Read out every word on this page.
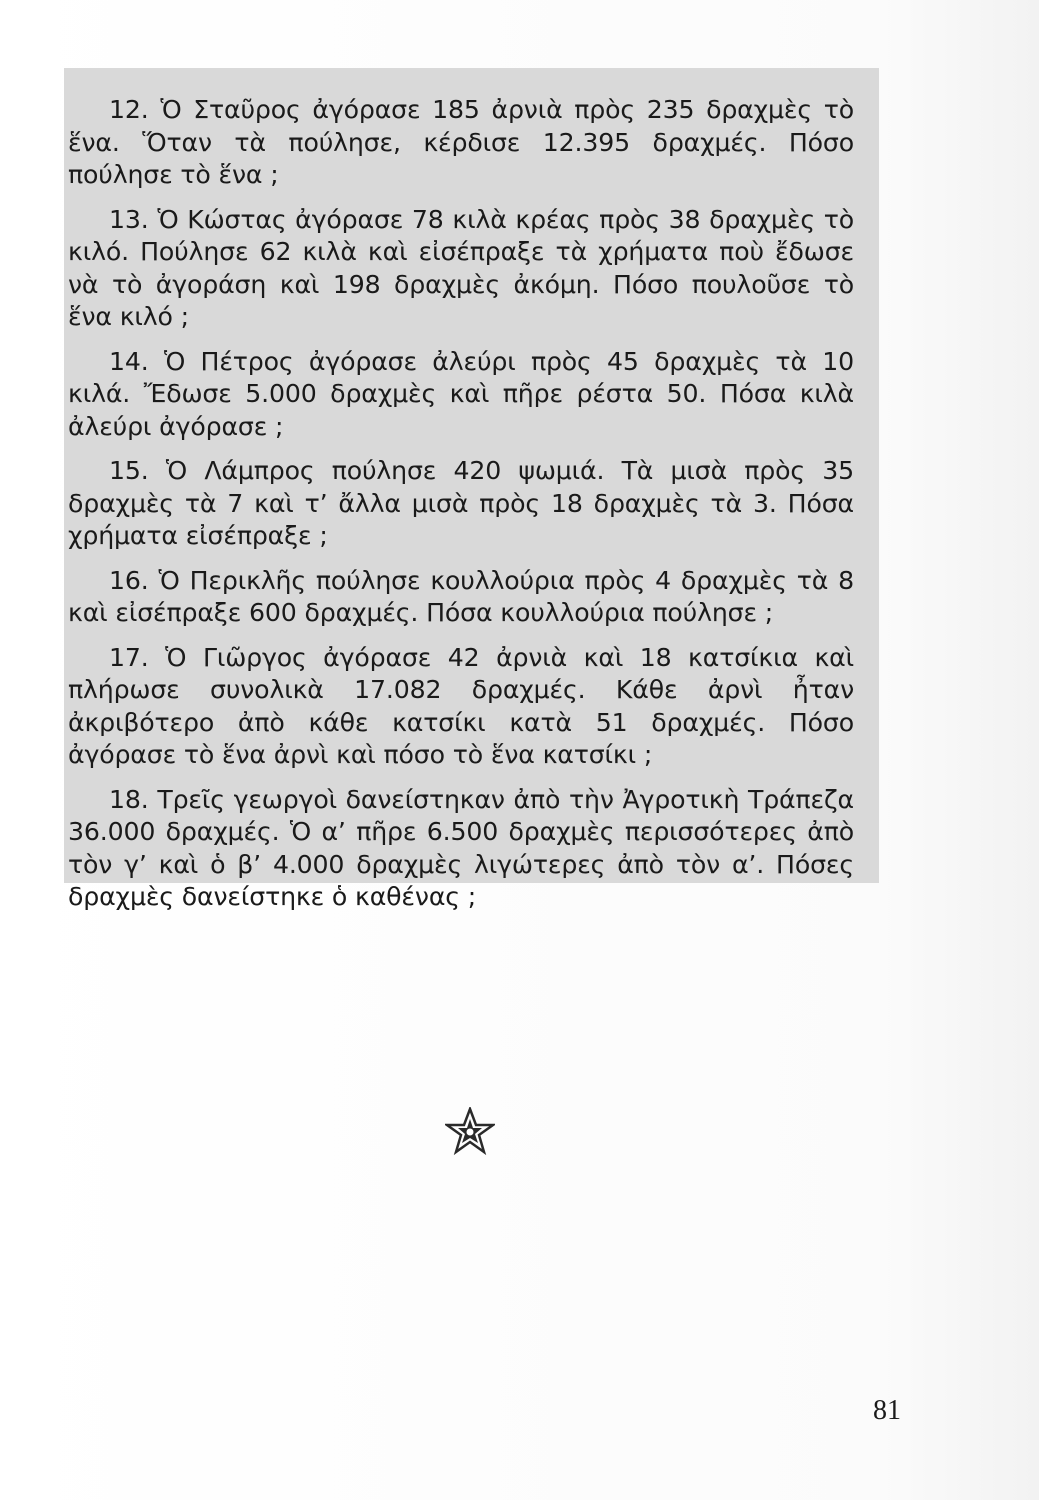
12. Ὁ Σταῦρος ἀγόρασε 185 ἀρνιὰ πρὸς 235 δραχμὲς τὸ ἕνα. Ὅταν τὰ πούλησε, κέρδισε 12.395 δραχμές. Πόσο πούλησε τὸ ἕνα ;

13. Ὁ Κώστας ἀγόρασε 78 κιλὰ κρέας πρὸς 38 δραχμὲς τὸ κιλό. Πούλησε 62 κιλὰ καὶ εἰσέπραξε τὰ χρήματα ποὺ ἔδωσε νὰ τὸ ἀγοράση καὶ 198 δραχμὲς ἀκόμη. Πόσο πουλοῦσε τὸ ἕνα κιλό ;

14. Ὁ Πέτρος ἀγόρασε ἀλεύρι πρὸς 45 δραχμὲς τὰ 10 κιλά. Ἔδωσε 5.000 δραχμὲς καὶ πῆρε ρέστα 50. Πόσα κιλὰ ἀλεύρι ἀγόρασε ;

15. Ὁ Λάμπρος πούλησε 420 ψωμιά. Τὰ μισὰ πρὸς 35 δραχμὲς τὰ 7 καὶ τ’ ἄλλα μισὰ πρὸς 18 δραχμὲς τὰ 3. Πόσα χρήματα εἰσέπραξε ;

16. Ὁ Περικλῆς πούλησε κουλλούρια πρὸς 4 δραχμὲς τὰ 8 καὶ εἰσέπραξε 600 δραχμές. Πόσα κουλλούρια πούλησε ;

17. Ὁ Γιῶργος ἀγόρασε 42 ἀρνιὰ καὶ 18 κατσίκια καὶ πλήρωσε συνολικὰ 17.082 δραχμές. Κάθε ἀρνὶ ἦταν ἀκριβότερο ἀπὸ κάθε κατσίκι κατὰ 51 δραχμές. Πόσο ἀγόρασε τὸ ἕνα ἀρνὶ καὶ πόσο τὸ ἕνα κατσίκι ;

18. Τρεῖς γεωργοὶ δανείστηκαν ἀπὸ τὴν Ἀγροτικὴ Τράπεζα 36.000 δραχμές. Ὁ α’ πῆρε 6.500 δραχμὲς περισσότερες ἀπὸ τὸν γ’ καὶ ὁ β’ 4.000 δραχμὲς λιγώτερες ἀπὸ τὸν α’. Πόσες δραχμὲς δανείστηκε ὁ καθένας ;

81
